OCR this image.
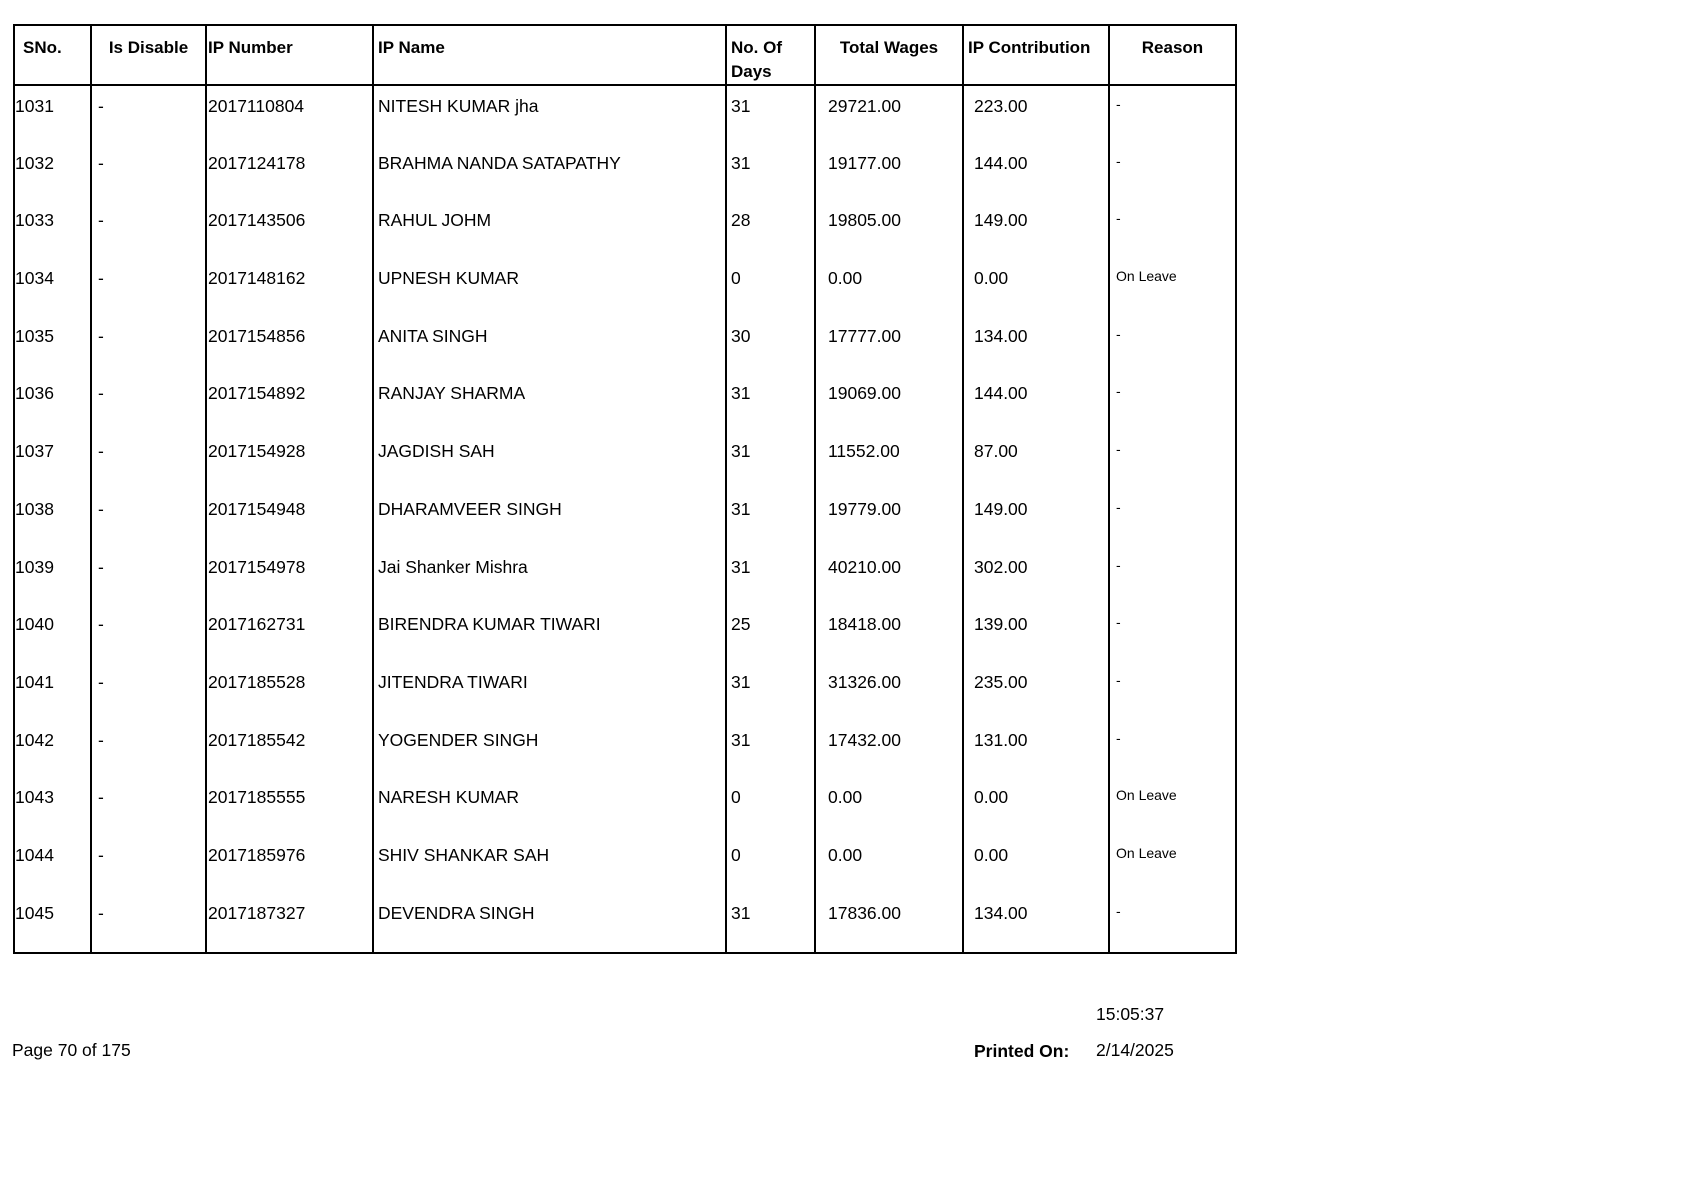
SNo.	Is Disable	IP Number	IP Name	No. Of Days	Total Wages	IP Contribution	Reason
1031	-	2017110804	NITESH KUMAR jha	31	29721.00	223.00	-
1032	-	2017124178	BRAHMA NANDA SATAPATHY	31	19177.00	144.00	-
1033	-	2017143506	RAHUL JOHM	28	19805.00	149.00	-
1034	-	2017148162	UPNESH KUMAR	0	0.00	0.00	On Leave
1035	-	2017154856	ANITA SINGH	30	17777.00	134.00	-
1036	-	2017154892	RANJAY SHARMA	31	19069.00	144.00	-
1037	-	2017154928	JAGDISH SAH	31	11552.00	87.00	-
1038	-	2017154948	DHARAMVEER SINGH	31	19779.00	149.00	-
1039	-	2017154978	Jai Shanker Mishra	31	40210.00	302.00	-
1040	-	2017162731	BIRENDRA KUMAR TIWARI	25	18418.00	139.00	-
1041	-	2017185528	JITENDRA TIWARI	31	31326.00	235.00	-
1042	-	2017185542	YOGENDER SINGH	31	17432.00	131.00	-
1043	-	2017185555	NARESH KUMAR	0	0.00	0.00	On Leave
1044	-	2017185976	SHIV SHANKAR SAH	0	0.00	0.00	On Leave
1045	-	2017187327	DEVENDRA SINGH	31	17836.00	134.00	-
Page 70 of 175
15:05:37
Printed On: 2/14/2025
